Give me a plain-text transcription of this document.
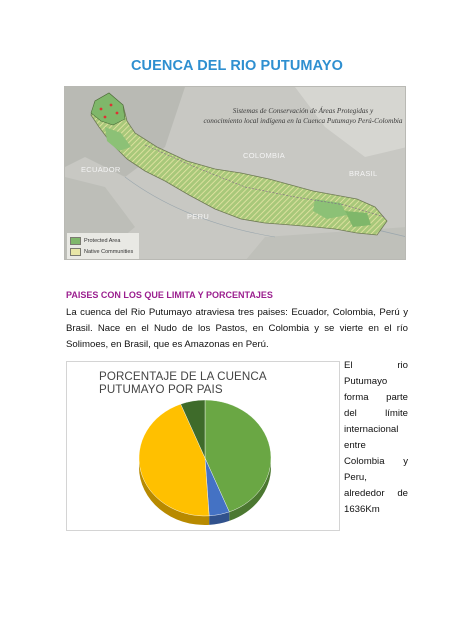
CUENCA DEL RIO PUTUMAYO
Sistemas de Conservación de Áreas Protegidas y
conocimiento local indígena en la Cuenca Putumayo Perú-Colombia
ECUADOR
COLOMBIA
BRASIL
PERU
Protected Area
Native Communities
PAISES CON LOS QUE LIMITA Y PORCENTAJES
La cuenca del Rio Putumayo atraviesa tres paises: Ecuador, Colombia, Perú y Brasil. Nace en el Nudo de los Pastos, en Colombia y se vierte en el río Solimoes, en Brasil, que es Amazonas en Perú.
PORCENTAJE DE LA CUENCA PUTUMAYO POR PAIS
El rio Putumayo forma parte del límite internacional entre Colombia y Peru, alrededor de
1636Km
